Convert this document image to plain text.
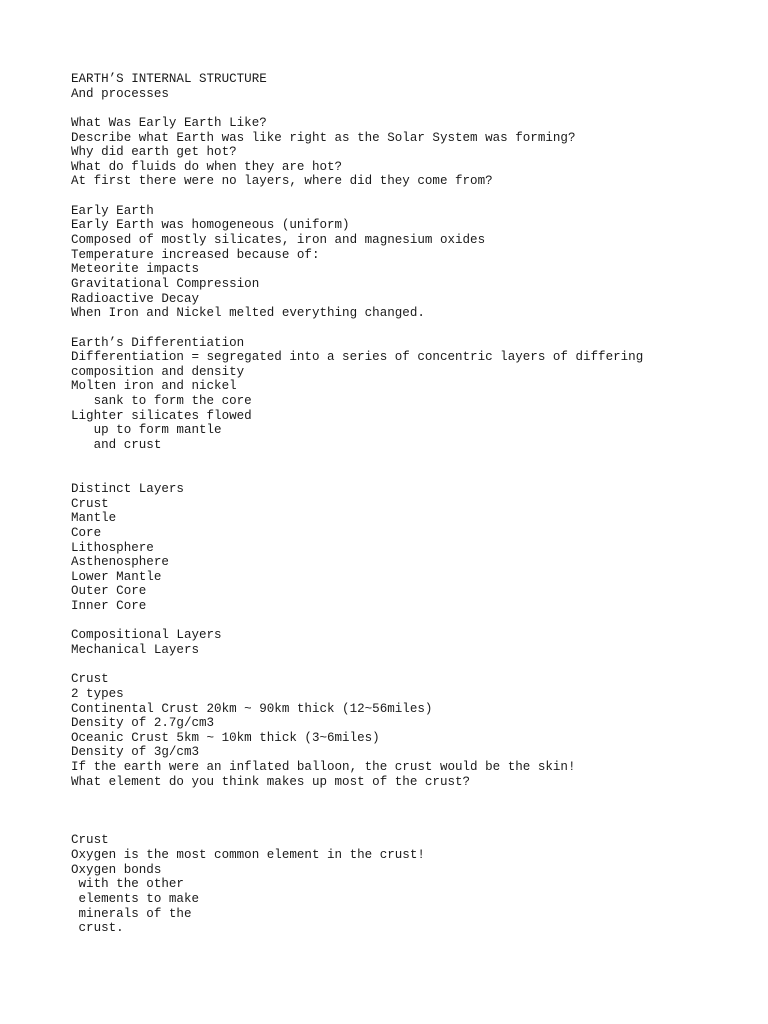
EARTH’S INTERNAL STRUCTURE
And processes
What Was Early Earth Like?
Describe what Earth was like right as the Solar System was forming?
Why did earth get hot?
What do fluids do when they are hot?
At first there were no layers, where did they come from?
Early Earth
Early Earth was homogeneous (uniform)
Composed of mostly silicates, iron and magnesium oxides
Temperature increased because of:
Meteorite impacts
Gravitational Compression
Radioactive Decay
When Iron and Nickel melted everything changed.
Earth’s Differentiation
Differentiation = segregated into a series of concentric layers of differing
composition and density
Molten iron and nickel
sank to form the core
Lighter silicates flowed
up to form mantle
and crust
Distinct Layers
Crust
Mantle
Core
Lithosphere
Asthenosphere
Lower Mantle
Outer Core
Inner Core
Compositional Layers
Mechanical Layers
Crust
2 types
Continental Crust 20km ~ 90km thick (12~56miles)
Density of 2.7g/cm3
Oceanic Crust 5km ~ 10km thick (3~6miles)
Density of 3g/cm3
If the earth were an inflated balloon, the crust would be the skin!
What element do you think makes up most of the crust?
Crust
Oxygen is the most common element in the crust!
Oxygen bonds
with the other
elements to make
minerals of the
crust.
